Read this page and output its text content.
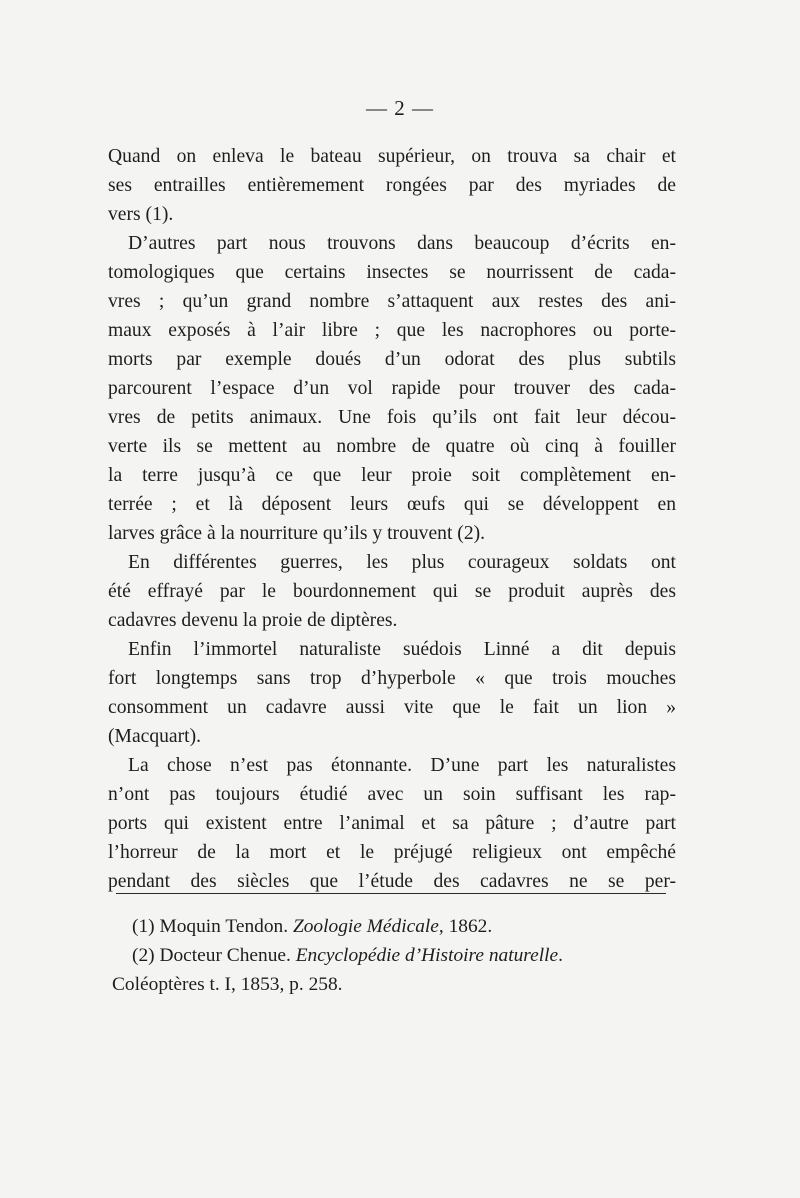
— 2 —
Quand on enleva le bateau supérieur, on trouva sa chair et
ses entrailles entièremement rongées par des myriades de
vers (1).
D’autres part nous trouvons dans beaucoup d’écrits en-
tomologiques que certains insectes se nourrissent de cada-
vres ; qu’un grand nombre s’attaquent aux restes des ani-
maux exposés à l’air libre ; que les nacrophores ou porte-
morts par exemple doués d’un odorat des plus subtils
parcourent l’espace d’un vol rapide pour trouver des cada-
vres de petits animaux. Une fois qu’ils ont fait leur décou-
verte ils se mettent au nombre de quatre où cinq à fouiller
la terre jusqu’à ce que leur proie soit complètement en-
terrée ; et là déposent leurs œufs qui se développent en
larves grâce à la nourriture qu’ils y trouvent (2).
En différentes guerres, les plus courageux soldats ont
été effrayé par le bourdonnement qui se produit auprès des
cadavres devenu la proie de diptères.
Enfin l’immortel naturaliste suédois Linné a dit depuis
fort longtemps sans trop d’hyperbole « que trois mouches
consomment un cadavre aussi vite que le fait un lion »
(Macquart).
La chose n’est pas étonnante. D’une part les naturalistes
n’ont pas toujours étudié avec un soin suffisant les rap-
ports qui existent entre l’animal et sa pâture ; d’autre part
l’horreur de la mort et le préjugé religieux ont empêché
pendant des siècles que l’étude des cadavres ne se per-
(1) Moquin Tendon. Zoologie Médicale, 1862.
(2) Docteur Chenue. Encyclopédie d’Histoire naturelle.
Coléoptères t. I, 1853, p. 258.
